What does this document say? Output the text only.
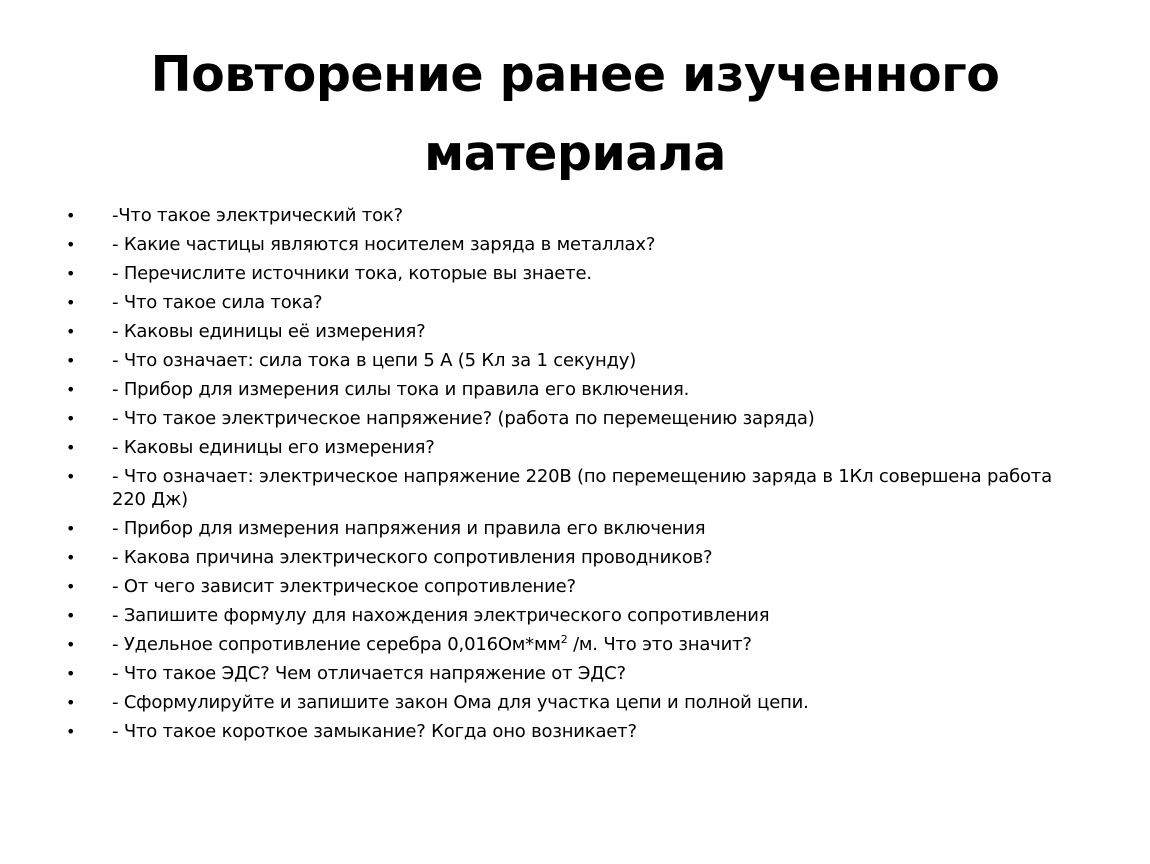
Повторение ранее изученного
материала
• -Что такое электрический ток?
• - Какие частицы являются носителем заряда в металлах?
• - Перечислите источники тока, которые вы знаете.
• - Что такое сила тока?
• - Каковы единицы её измерения?
• - Что означает: сила тока в цепи 5 А (5 Кл за 1 секунду)
• - Прибор для измерения силы тока и правила его включения.
• - Что такое электрическое напряжение? (работа по перемещению заряда)
• - Каковы единицы его измерения?
• - Что означает: электрическое напряжение 220В (по перемещению заряда в 1Кл совершена работа 220 Дж)
• - Прибор для измерения напряжения и правила его включения
• - Какова причина электрического сопротивления проводников?
• - От чего зависит электрическое сопротивление?
• - Запишите формулу для нахождения электрического сопротивления
• - Удельное сопротивление серебра $0,016Ом*мм^2$ /м. Что это значит?
• - Что такое ЭДС? Чем отличается напряжение от ЭДС?
• - Сформулируйте и запишите закон Ома для участка цепи и полной цепи.
• - Что такое короткое замыкание? Когда оно возникает?
